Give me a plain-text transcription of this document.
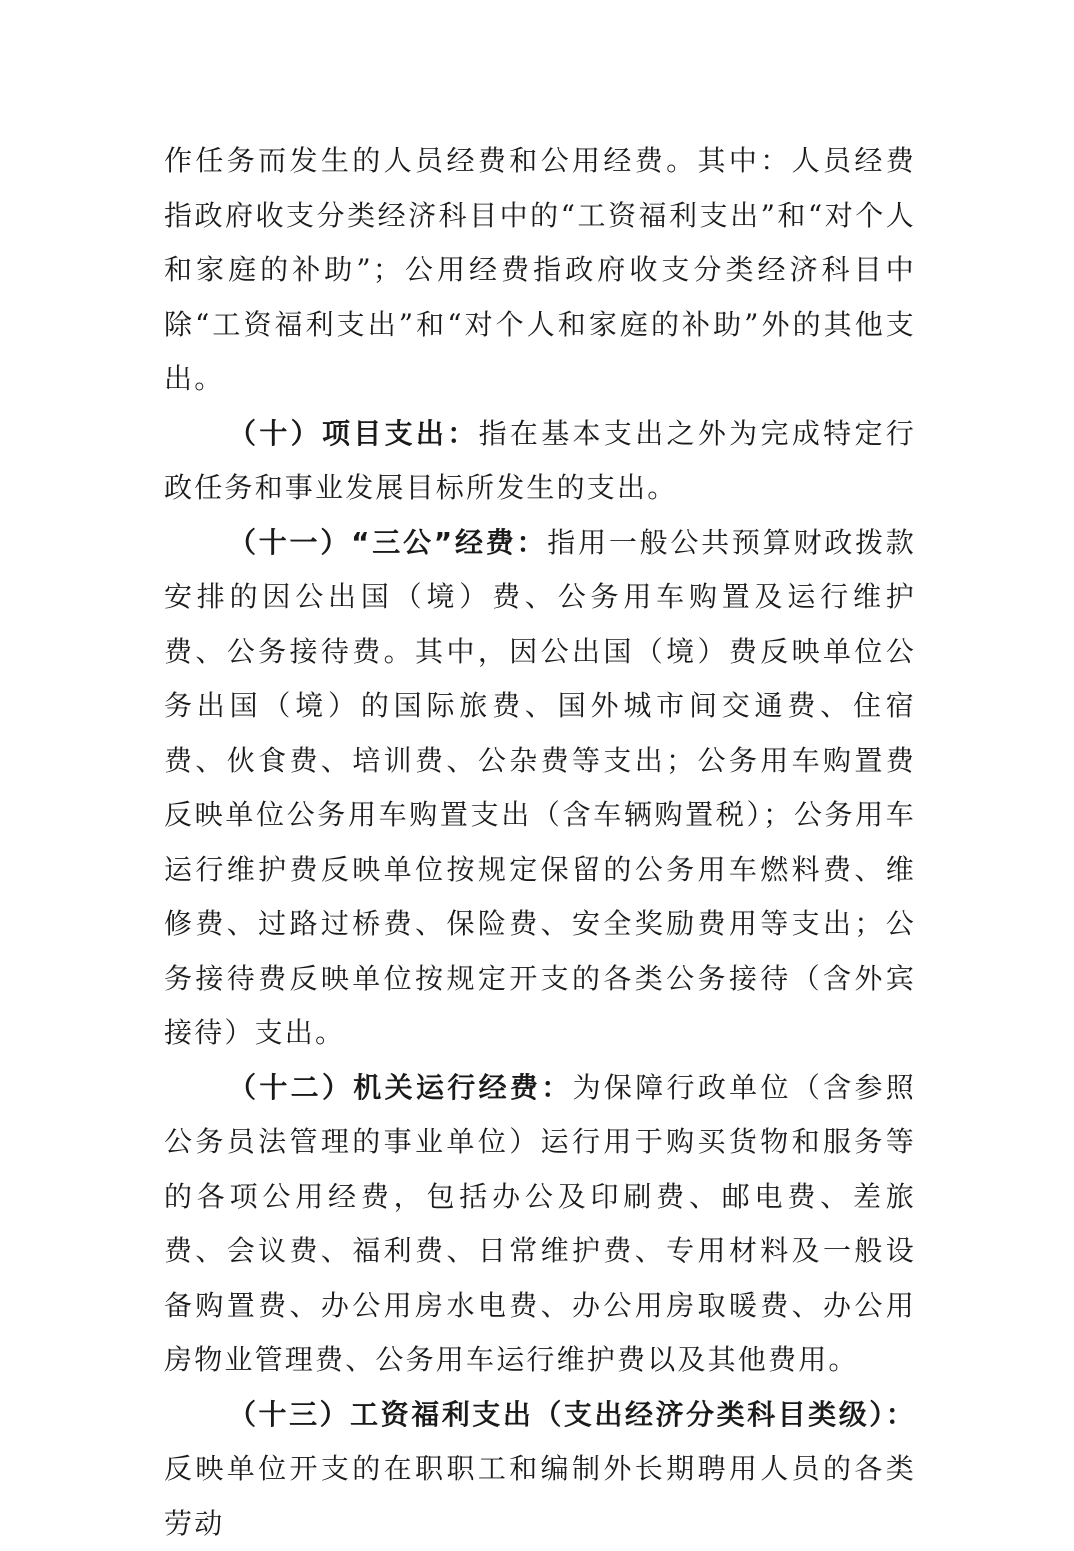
作任务而发生的人员经费和公用经费。其中：人员经费指政府收支分类经济科目中的“工资福利支出”和“对个人和家庭的补助”；公用经费指政府收支分类经济科目中除“工资福利支出”和“对个人和家庭的补助”外的其他支出。

（十）项目支出：指在基本支出之外为完成特定行政任务和事业发展目标所发生的支出。

（十一）“三公”经费：指用一般公共预算财政拨款安排的因公出国（境）费、公务用车购置及运行维护费、公务接待费。其中，因公出国（境）费反映单位公务出国（境）的国际旅费、国外城市间交通费、住宿费、伙食费、培训费、公杂费等支出；公务用车购置费反映单位公务用车购置支出（含车辆购置税）；公务用车运行维护费反映单位按规定保留的公务用车燃料费、维修费、过路过桥费、保险费、安全奖励费用等支出；公务接待费反映单位按规定开支的各类公务接待（含外宾接待）支出。

（十二）机关运行经费：为保障行政单位（含参照公务员法管理的事业单位）运行用于购买货物和服务等的各项公用经费，包括办公及印刷费、邮电费、差旅费、会议费、福利费、日常维护费、专用材料及一般设备购置费、办公用房水电费、办公用房取暖费、办公用房物业管理费、公务用车运行维护费以及其他费用。

（十三）工资福利支出（支出经济分类科目类级）：反映单位开支的在职职工和编制外长期聘用人员的各类劳动
